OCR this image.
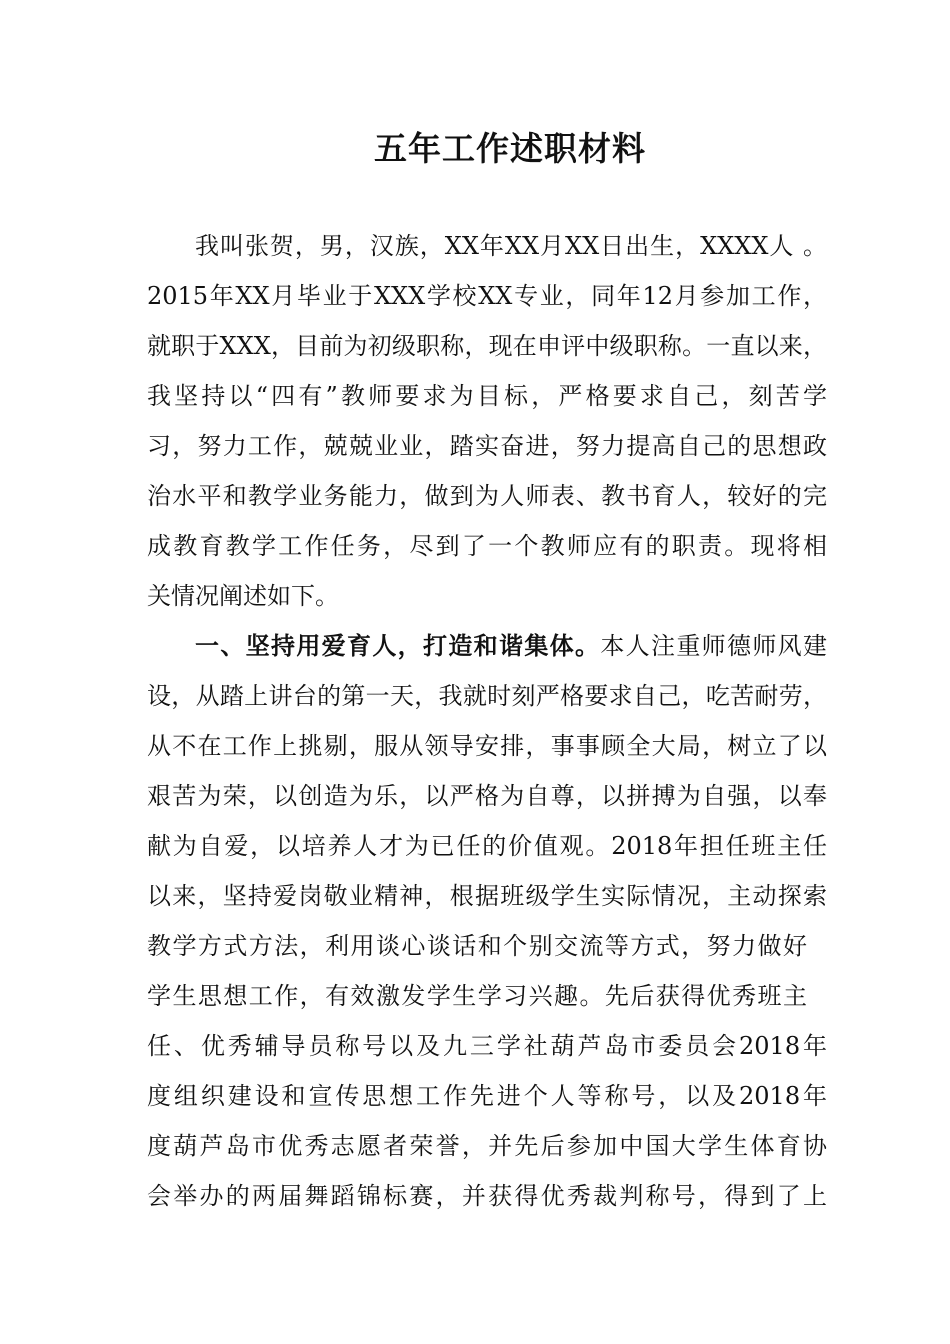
五年工作述职材料
我叫张贺，男，汉族，XX年XX月XX日出生，XXXX人 。
2015年XX月毕业于XXX学校XX专业，同年12月参加工作，
就职于XXX，目前为初级职称，现在申评中级职称。一直以来，
我坚持以“四有”教师要求为目标，严格要求自己，刻苦学
习，努力工作，兢兢业业，踏实奋进，努力提高自己的思想政
治水平和教学业务能力，做到为人师表、教书育人，较好的完
成教育教学工作任务，尽到了一个教师应有的职责。现将相
关情况阐述如下。
一、坚持用爱育人，打造和谐集体。本人注重师德师风建
设，从踏上讲台的第一天，我就时刻严格要求自己，吃苦耐劳，
从不在工作上挑剔，服从领导安排，事事顾全大局，树立了以
艰苦为荣，以创造为乐，以严格为自尊，以拼搏为自强，以奉
献为自爱，以培养人才为已任的价值观。2018年担任班主任
以来，坚持爱岗敬业精神，根据班级学生实际情况，主动探索
教学方式方法，利用谈心谈话和个别交流等方式，努力做好
学生思想工作，有效激发学生学习兴趣。先后获得优秀班主
任、优秀辅导员称号以及九三学社葫芦岛市委员会2018年
度组织建设和宣传思想工作先进个人等称号，以及2018年
度葫芦岛市优秀志愿者荣誉，并先后参加中国大学生体育协
会举办的两届舞蹈锦标赛，并获得优秀裁判称号，得到了上
